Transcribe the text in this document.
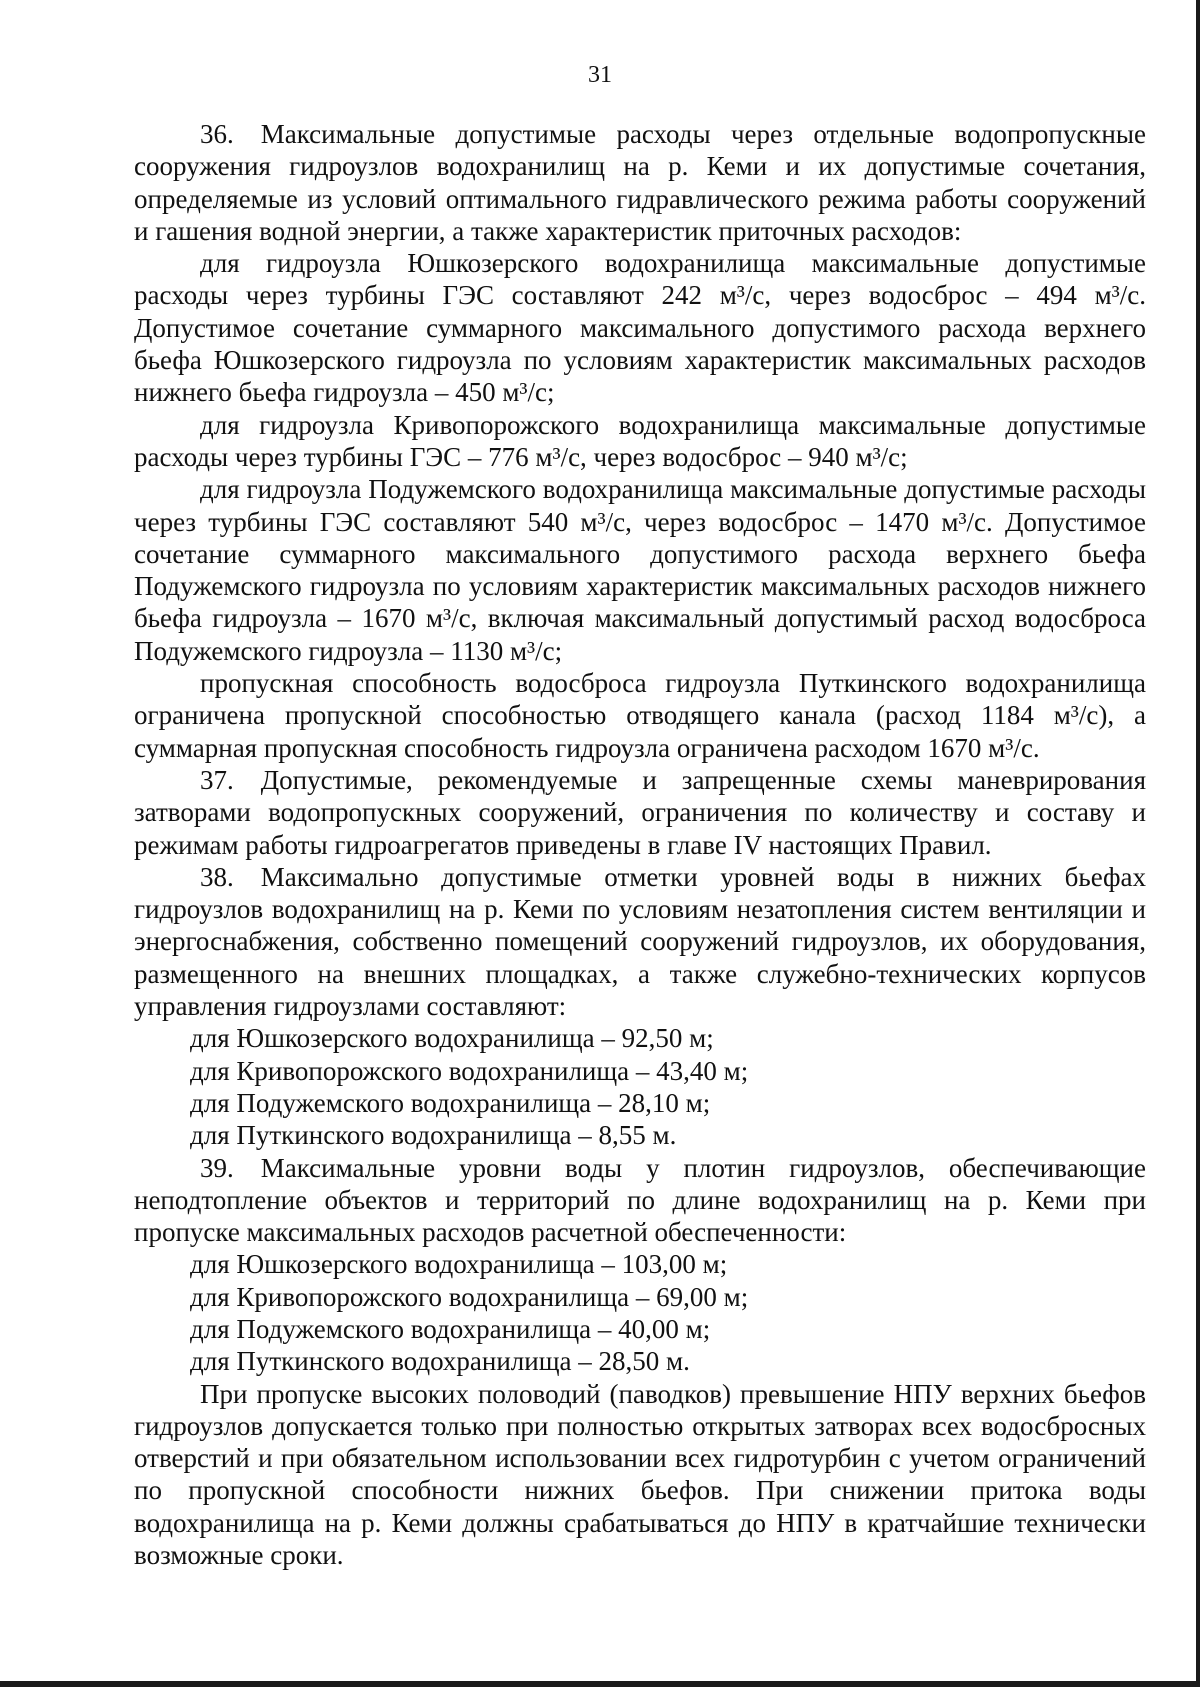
31

36. Максимальные допустимые расходы через отдельные водопропускные сооружения гидроузлов водохранилищ на р. Кеми и их допустимые сочетания, определяемые из условий оптимального гидравлического режима работы сооружений и гашения водной энергии, а также характеристик приточных расходов:

для гидроузла Юшкозерского водохранилища максимальные допустимые расходы через турбины ГЭС составляют 242 м³/с, через водосброс – 494 м³/с. Допустимое сочетание суммарного максимального допустимого расхода верхнего бьефа Юшкозерского гидроузла по условиям характеристик максимальных расходов нижнего бьефа гидроузла – 450 м³/с;

для гидроузла Кривопорожского водохранилища максимальные допустимые расходы через турбины ГЭС – 776 м³/с, через водосброс – 940 м³/с;

для гидроузла Подужемского водохранилища максимальные допустимые расходы через турбины ГЭС составляют 540 м³/с, через водосброс – 1470 м³/с. Допустимое сочетание суммарного максимального допустимого расхода верхнего бьефа Подужемского гидроузла по условиям характеристик максимальных расходов нижнего бьефа гидроузла – 1670 м³/с, включая максимальный допустимый расход водосброса Подужемского гидроузла – 1130 м³/с;

пропускная способность водосброса гидроузла Путкинского водохранилища ограничена пропускной способностью отводящего канала (расход 1184 м³/с), а суммарная пропускная способность гидроузла ограничена расходом 1670 м³/с.

37. Допустимые, рекомендуемые и запрещенные схемы маневрирования затворами водопропускных сооружений, ограничения по количеству и составу и режимам работы гидроагрегатов приведены в главе IV настоящих Правил.

38. Максимально допустимые отметки уровней воды в нижних бьефах гидроузлов водохранилищ на р. Кеми по условиям незатопления систем вентиляции и энергоснабжения, собственно помещений сооружений гидроузлов, их оборудования, размещенного на внешних площадках, а также служебно-технических корпусов управления гидроузлами составляют:

для Юшкозерского водохранилища – 92,50 м;

для Кривопорожского водохранилища – 43,40 м;

для Подужемского водохранилища – 28,10 м;

для Путкинского водохранилища – 8,55 м.

39. Максимальные уровни воды у плотин гидроузлов, обеспечивающие неподтопление объектов и территорий по длине водохранилищ на р. Кеми при пропуске максимальных расходов расчетной обеспеченности:

для Юшкозерского водохранилища – 103,00 м;

для Кривопорожского водохранилища – 69,00 м;

для Подужемского водохранилища – 40,00 м;

для Путкинского водохранилища – 28,50 м.

При пропуске высоких половодий (паводков) превышение НПУ верхних бьефов гидроузлов допускается только при полностью открытых затворах всех водосбросных отверстий и при обязательном использовании всех гидротурбин с учетом ограничений по пропускной способности нижних бьефов. При снижении притока воды водохранилища на р. Кеми должны срабатываться до НПУ в кратчайшие технически возможные сроки.
